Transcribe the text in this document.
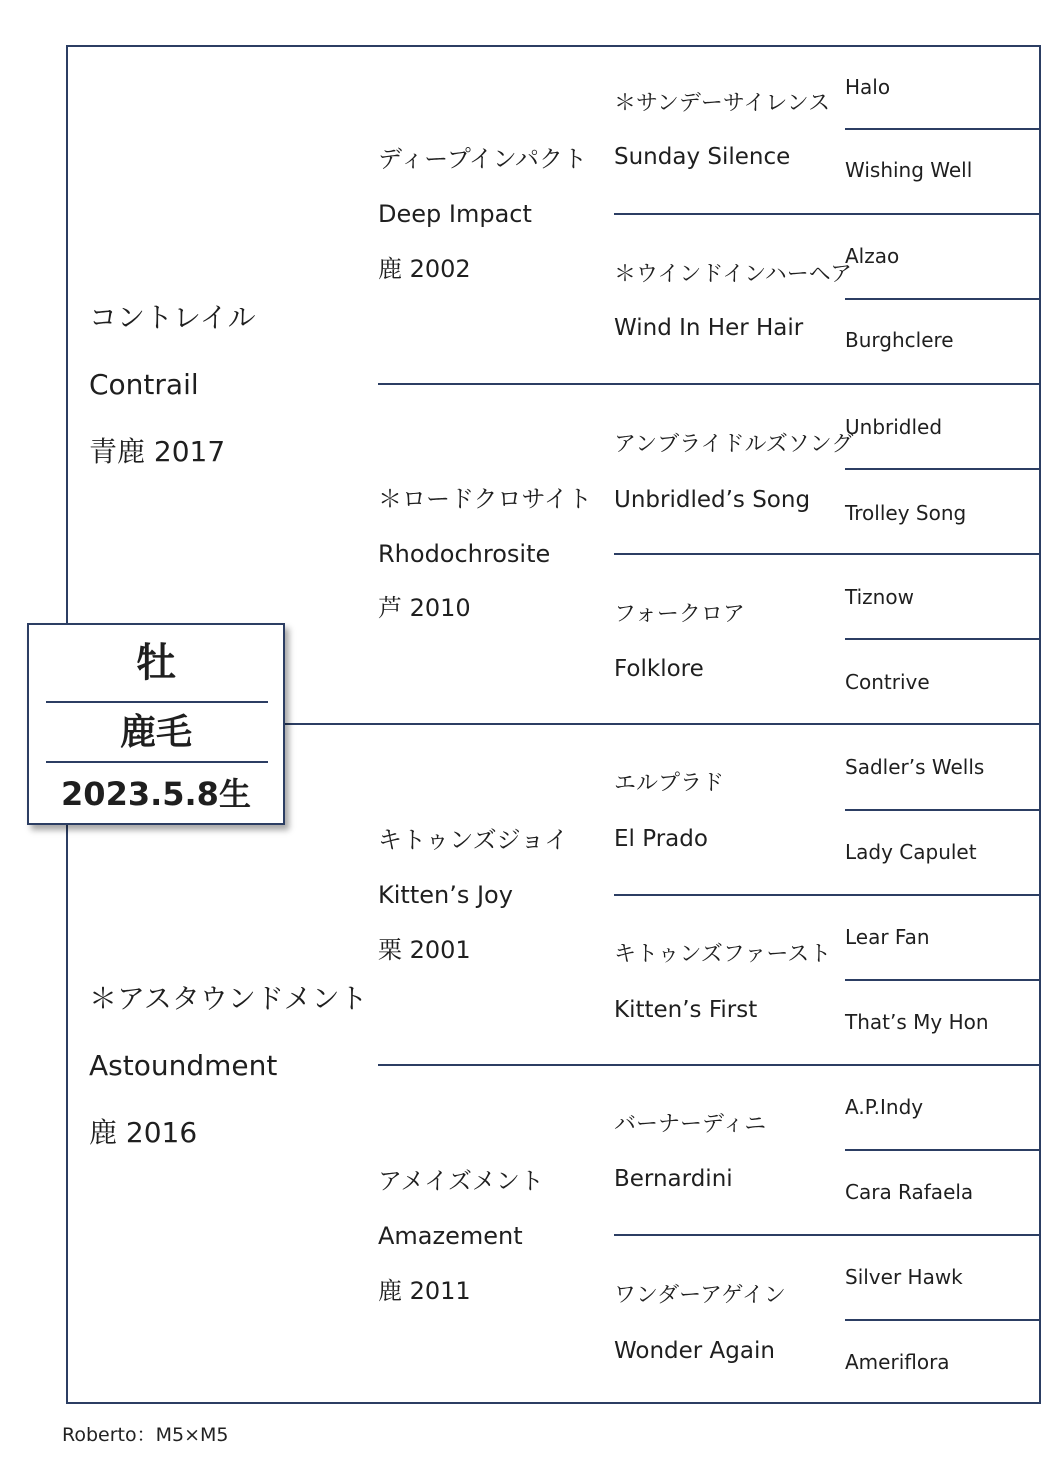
コントレイル
Contrail
青鹿 2017
＊アスタウンドメント
Astoundment
鹿 2016
ディープインパクト
Deep Impact
鹿 2002
＊ロードクロサイト
Rhodochrosite
芦 2010
キトゥンズジョイ
Kitten’s Joy
栗 2001
アメイズメント
Amazement
鹿 2011
＊サンデーサイレンス
Sunday Silence
＊ウインドインハーヘア
Wind In Her Hair
アンブライドルズソング
Unbridled’s Song
フォークロア
Folklore
エルプラド
El Prado
キトゥンズファースト
Kitten’s First
バーナーディニ
Bernardini
ワンダーアゲイン
Wonder Again
Halo
Wishing Well
Alzao
Burghclere
Unbridled
Trolley Song
Tiznow
Contrive
Sadler’s Wells
Lady Capulet
Lear Fan
That’s My Hon
A.P.Indy
Cara Rafaela
Silver Hawk
Ameriflora
牡
鹿毛
2023.5.8生
Roberto：M5×M5
